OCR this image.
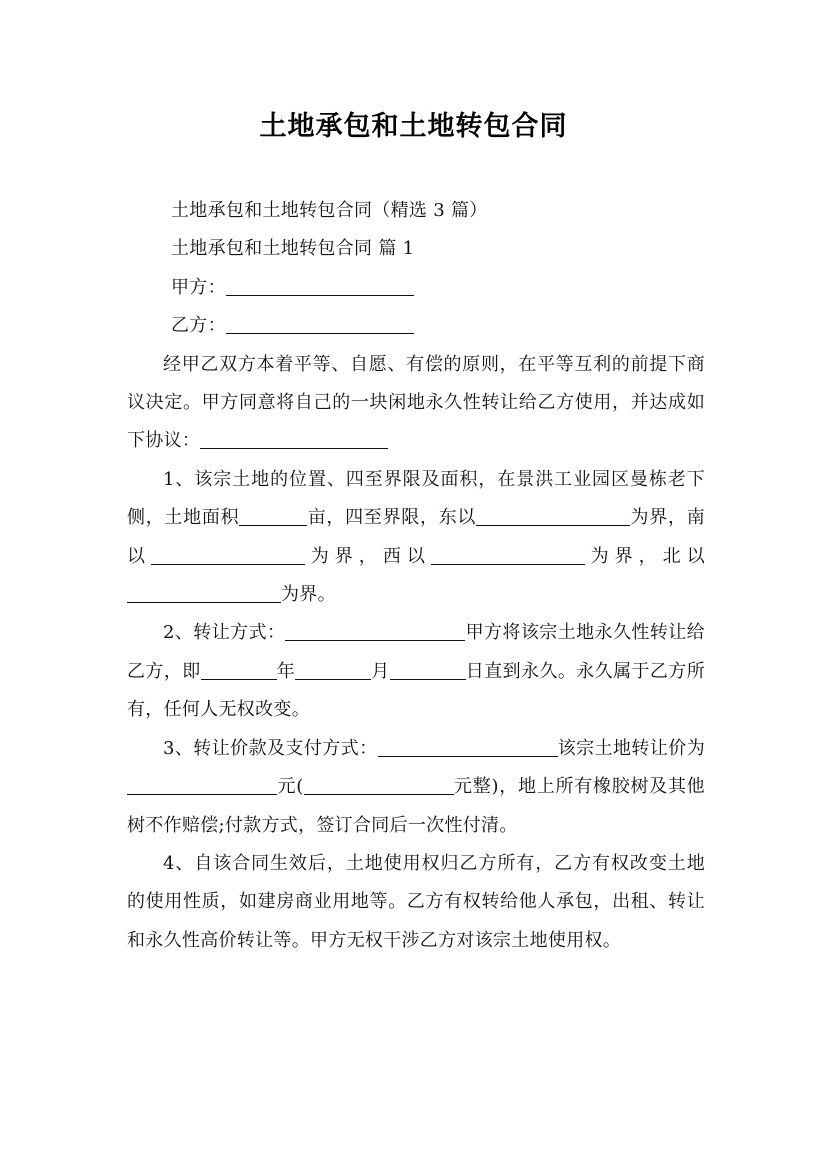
土地承包和土地转包合同

土地承包和土地转包合同（精选 3 篇）

土地承包和土地转包合同 篇 1

甲方：

乙方：

经甲乙双方本着平等、自愿、有偿的原则，在平等互利的前提下商议决定。甲方同意将自己的一块闲地永久性转让给乙方使用，并达成如下协议：

1、该宗土地的位置、四至界限及面积，在景洪工业园区曼栋老下侧，土地面积	亩，四至界限，东以	为界，南以	为界，西以	为界，北以为界。

2、转让方式：	甲方将该宗土地永久性转让给乙方，即	年	月	日直到永久。永久属于乙方所有，任何人无权改变。

3、转让价款及支付方式：	该宗土地转让价为元(	元整)，地上所有橡胶树及其他树不作赔偿;付款方式，签订合同后一次性付清。

4、自该合同生效后，土地使用权归乙方所有，乙方有权改变土地的使用性质，如建房商业用地等。乙方有权转给他人承包，出租、转让和永久性高价转让等。甲方无权干涉乙方对该宗土地使用权。
